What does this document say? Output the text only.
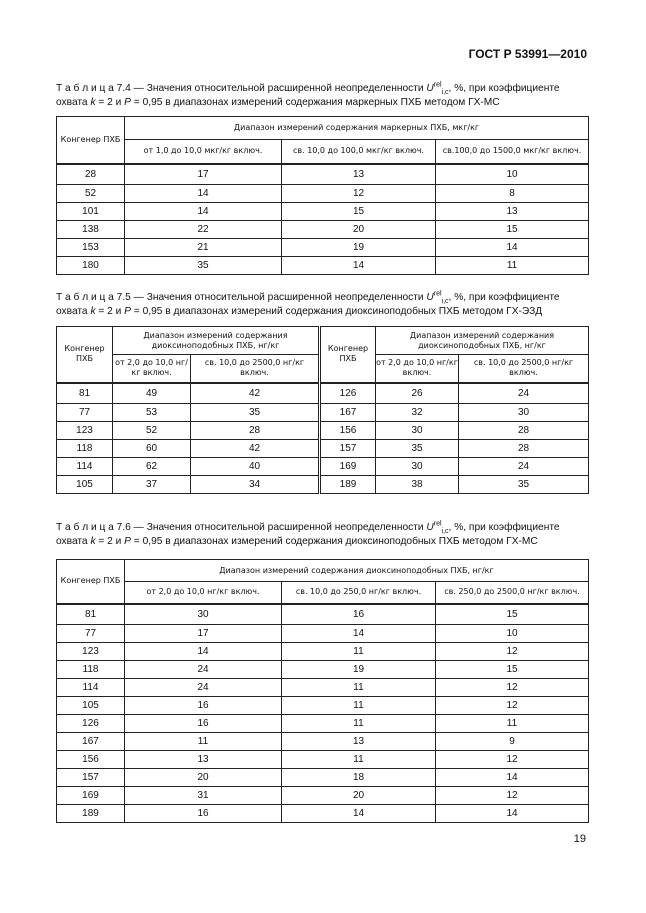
ГОСТ Р 53991—2010
Т а б л и ц а 7.4 — Значения относительной расширенной неопределенности $U^{rel}_{i,c}$, %, при коэффициенте
охвата k = 2 и P = 0,95 в диапазонах измерений содержания маркерных ПХБ методом ГХ-МС
Конгенер ПХБ	Диапазон измерений содержания маркерных ПХБ, мкг/кг		
	от 1,0 до 10,0 мкг/кг включ.	св. 10,0 до 100,0 мкг/кг включ.	св.100,0 до 1500,0 мкг/кг включ.
28	17	13	10
52	14	12	8
101	14	15	13
138	22	20	15
153	21	19	14
180	35	14	11
Т а б л и ц а 7.5 — Значения относительной расширенной неопределенности $U^{rel}_{i,c}$, %, при коэффициенте
охвата k = 2 и P = 0,95 в диапазонах измерений содержания диоксиноподобных ПХБ методом ГХ-ЭЗД
Конгенер ПХБ	Диапазон измерений содержания диоксиноподобных ПХБ, нг/кг		Конгенер ПХБ	Диапазон измерений содержания диоксиноподобных ПХБ, нг/кг	
	от 2,0 до 10,0 нг/кг включ.	св. 10,0 до 2500,0 нг/кг включ.		от 2,0 до 10,0 нг/кг включ.	св. 10,0 до 2500,0 нг/кг включ.
81	49	42	126	26	24
77	53	35	167	32	30
123	52	28	156	30	28
118	60	42	157	35	28
114	62	40	169	30	24
105	37	34	189	38	35
Т а б л и ц а 7.6 — Значения относительной расширенной неопределенности $U^{rel}_{i,c}$, %, при коэффициенте
охвата k = 2 и P = 0,95 в диапазонах измерений содержания диоксиноподобных ПХБ методом ГХ-МС
Конгенер ПХБ	Диапазон измерений содержания диоксиноподобных ПХБ, нг/кг		
	от 2,0 до 10,0 нг/кг включ.	св. 10,0 до 250,0 нг/кг включ.	св. 250,0 до 2500,0 нг/кг включ.
81	30	16	15
77	17	14	10
123	14	11	12
118	24	19	15
114	24	11	12
105	16	11	12
126	16	11	11
167	11	13	9
156	13	11	12
157	20	18	14
169	31	20	12
189	16	14	14
19
